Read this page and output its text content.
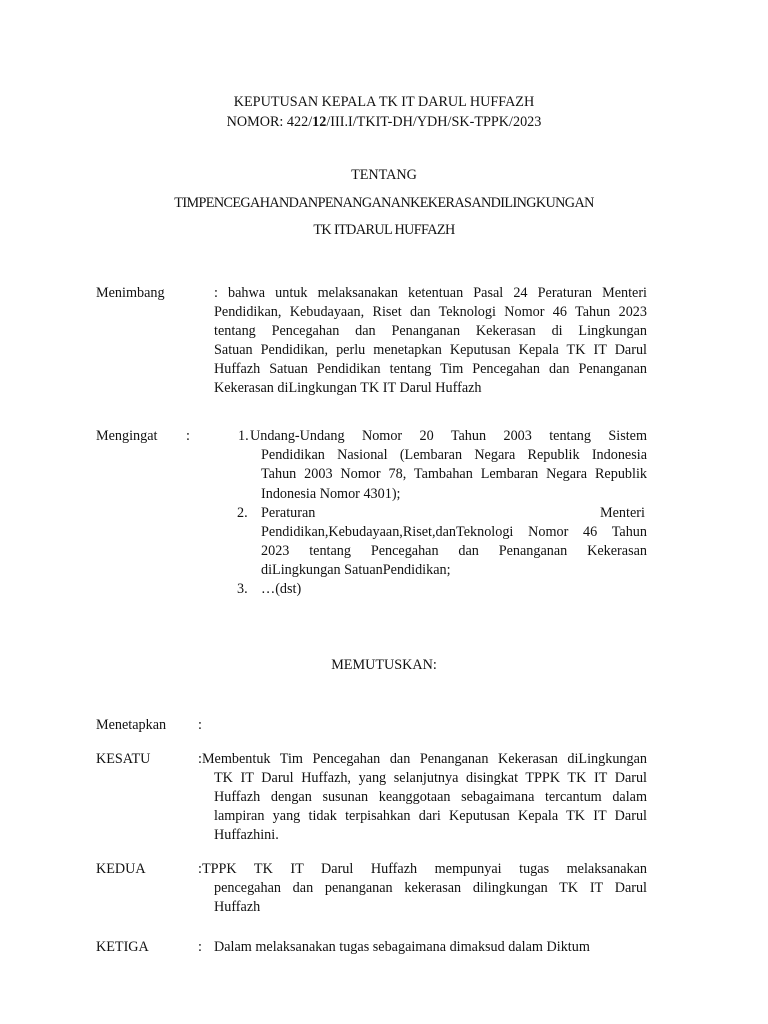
KEPUTUSAN KEPALA TK IT DARUL HUFFAZH
NOMOR: 422/12/III.I/TKIT-DH/YDH/SK-TPPK/2023
TENTANG
TIMPENCEGAHANDANPENANGANANKEKERASANDILINGKUNGAN
TK ITDARUL HUFFAZH
Menimbang	: bahwa untuk melaksanakan ketentuan Pasal 24 Peraturan Menteri
Pendidikan, Kebudayaan, Riset dan Teknologi Nomor 46 Tahun 2023
tentang Pencegahan dan Penanganan Kekerasan di Lingkungan
Satuan Pendidikan, perlu menetapkan Keputusan Kepala TK IT Darul
Huffazh Satuan Pendidikan tentang Tim Pencegahan dan Penanganan
Kekerasan diLingkungan TK IT Darul Huffazh
Mengingat :	1. Undang-Undang Nomor 20 Tahun 2003 tentang Sistem
Pendidikan Nasional (Lembaran Negara Republik Indonesia
Tahun 2003 Nomor 78, Tambahan Lembaran Negara Republik
Indonesia Nomor 4301);
2. Peraturan	Menteri
Pendidikan,Kebudayaan,Riset,danTeknologi Nomor 46 Tahun
2023 tentang Pencegahan dan Penanganan Kekerasan
diLingkungan SatuanPendidikan;
3. …(dst)
MEMUTUSKAN:
Menetapkan :
KESATU	:Membentuk Tim Pencegahan dan Penanganan Kekerasan diLingkungan
TK IT Darul Huffazh, yang selanjutnya disingkat TPPK TK IT Darul
Huffazh dengan susunan keanggotaan sebagaimana tercantum dalam
lampiran yang tidak terpisahkan dari Keputusan Kepala TK IT Darul
Huffazhini.
KEDUA	:TPPK TK IT Darul Huffazh mempunyai tugas melaksanakan
pencegahan dan penanganan kekerasan dilingkungan TK IT Darul
Huffazh
KETIGA	: Dalam melaksanakan tugas sebagaimana dimaksud dalam Diktum
